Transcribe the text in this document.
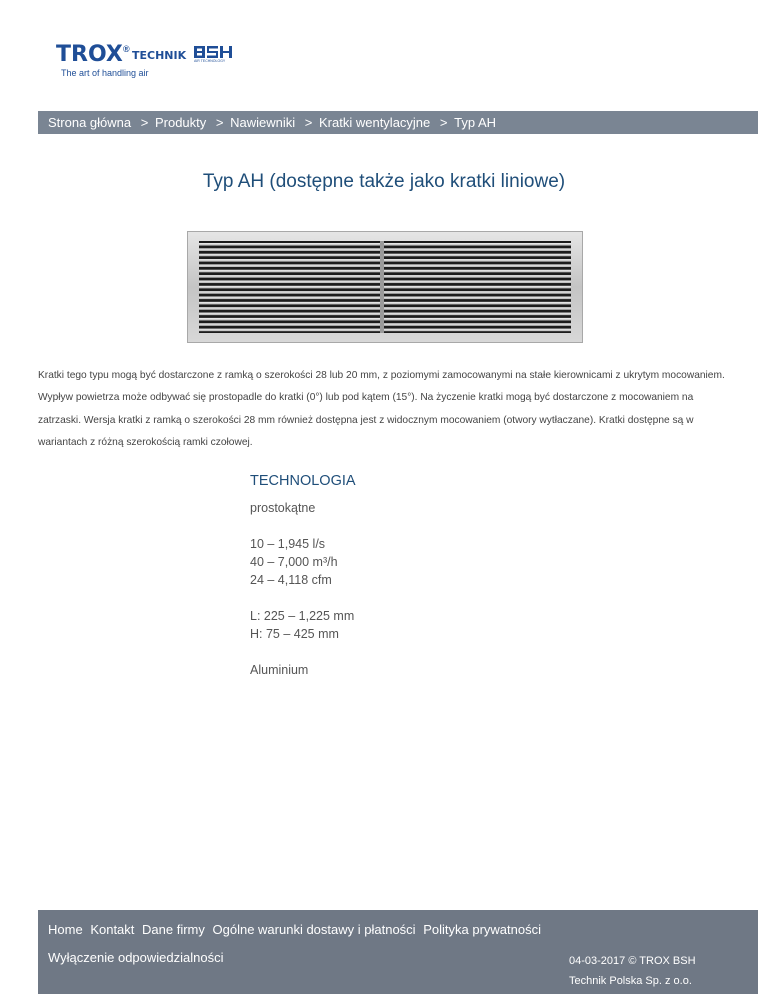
TROX ® TECHNIK
The art of handling air
AIR TECHNOLOGY
Strona główna > Produkty > Nawiewniki > Kratki wentylacyjne > Typ AH
Typ AH (dostępne także jako kratki liniowe)

Kratki tego typu mogą być dostarczone z ramką o szerokości 28 lub 20 mm, z poziomymi zamocowanymi na stałe kierownicami z ukrytym mocowaniem. Wypływ powietrza może odbywać się prostopadle do kratki (0°) lub pod kątem (15°). Na życzenie kratki mogą być dostarczone z mocowaniem na zatrzaski. Wersja kratki z ramką o szerokości 28 mm również dostępna jest z widocznym mocowaniem (otwory wytłaczane). Kratki dostępne są w wariantach z różną szerokością ramki czołowej.

TECHNOLOGIA
prostokątne
10 – 1,945 l/s
40 – 7,000 m³/h
24 – 4,118 cfm
L: 225 – 1,225 mm
H: 75 – 425 mm
Aluminium
Home Kontakt Dane firmy Ogólne warunki dostawy i płatności Polityka prywatności
Wyłączenie odpowiedzialności	04-03-2017 © TROX BSH
Technik Polska Sp. z o.o.
